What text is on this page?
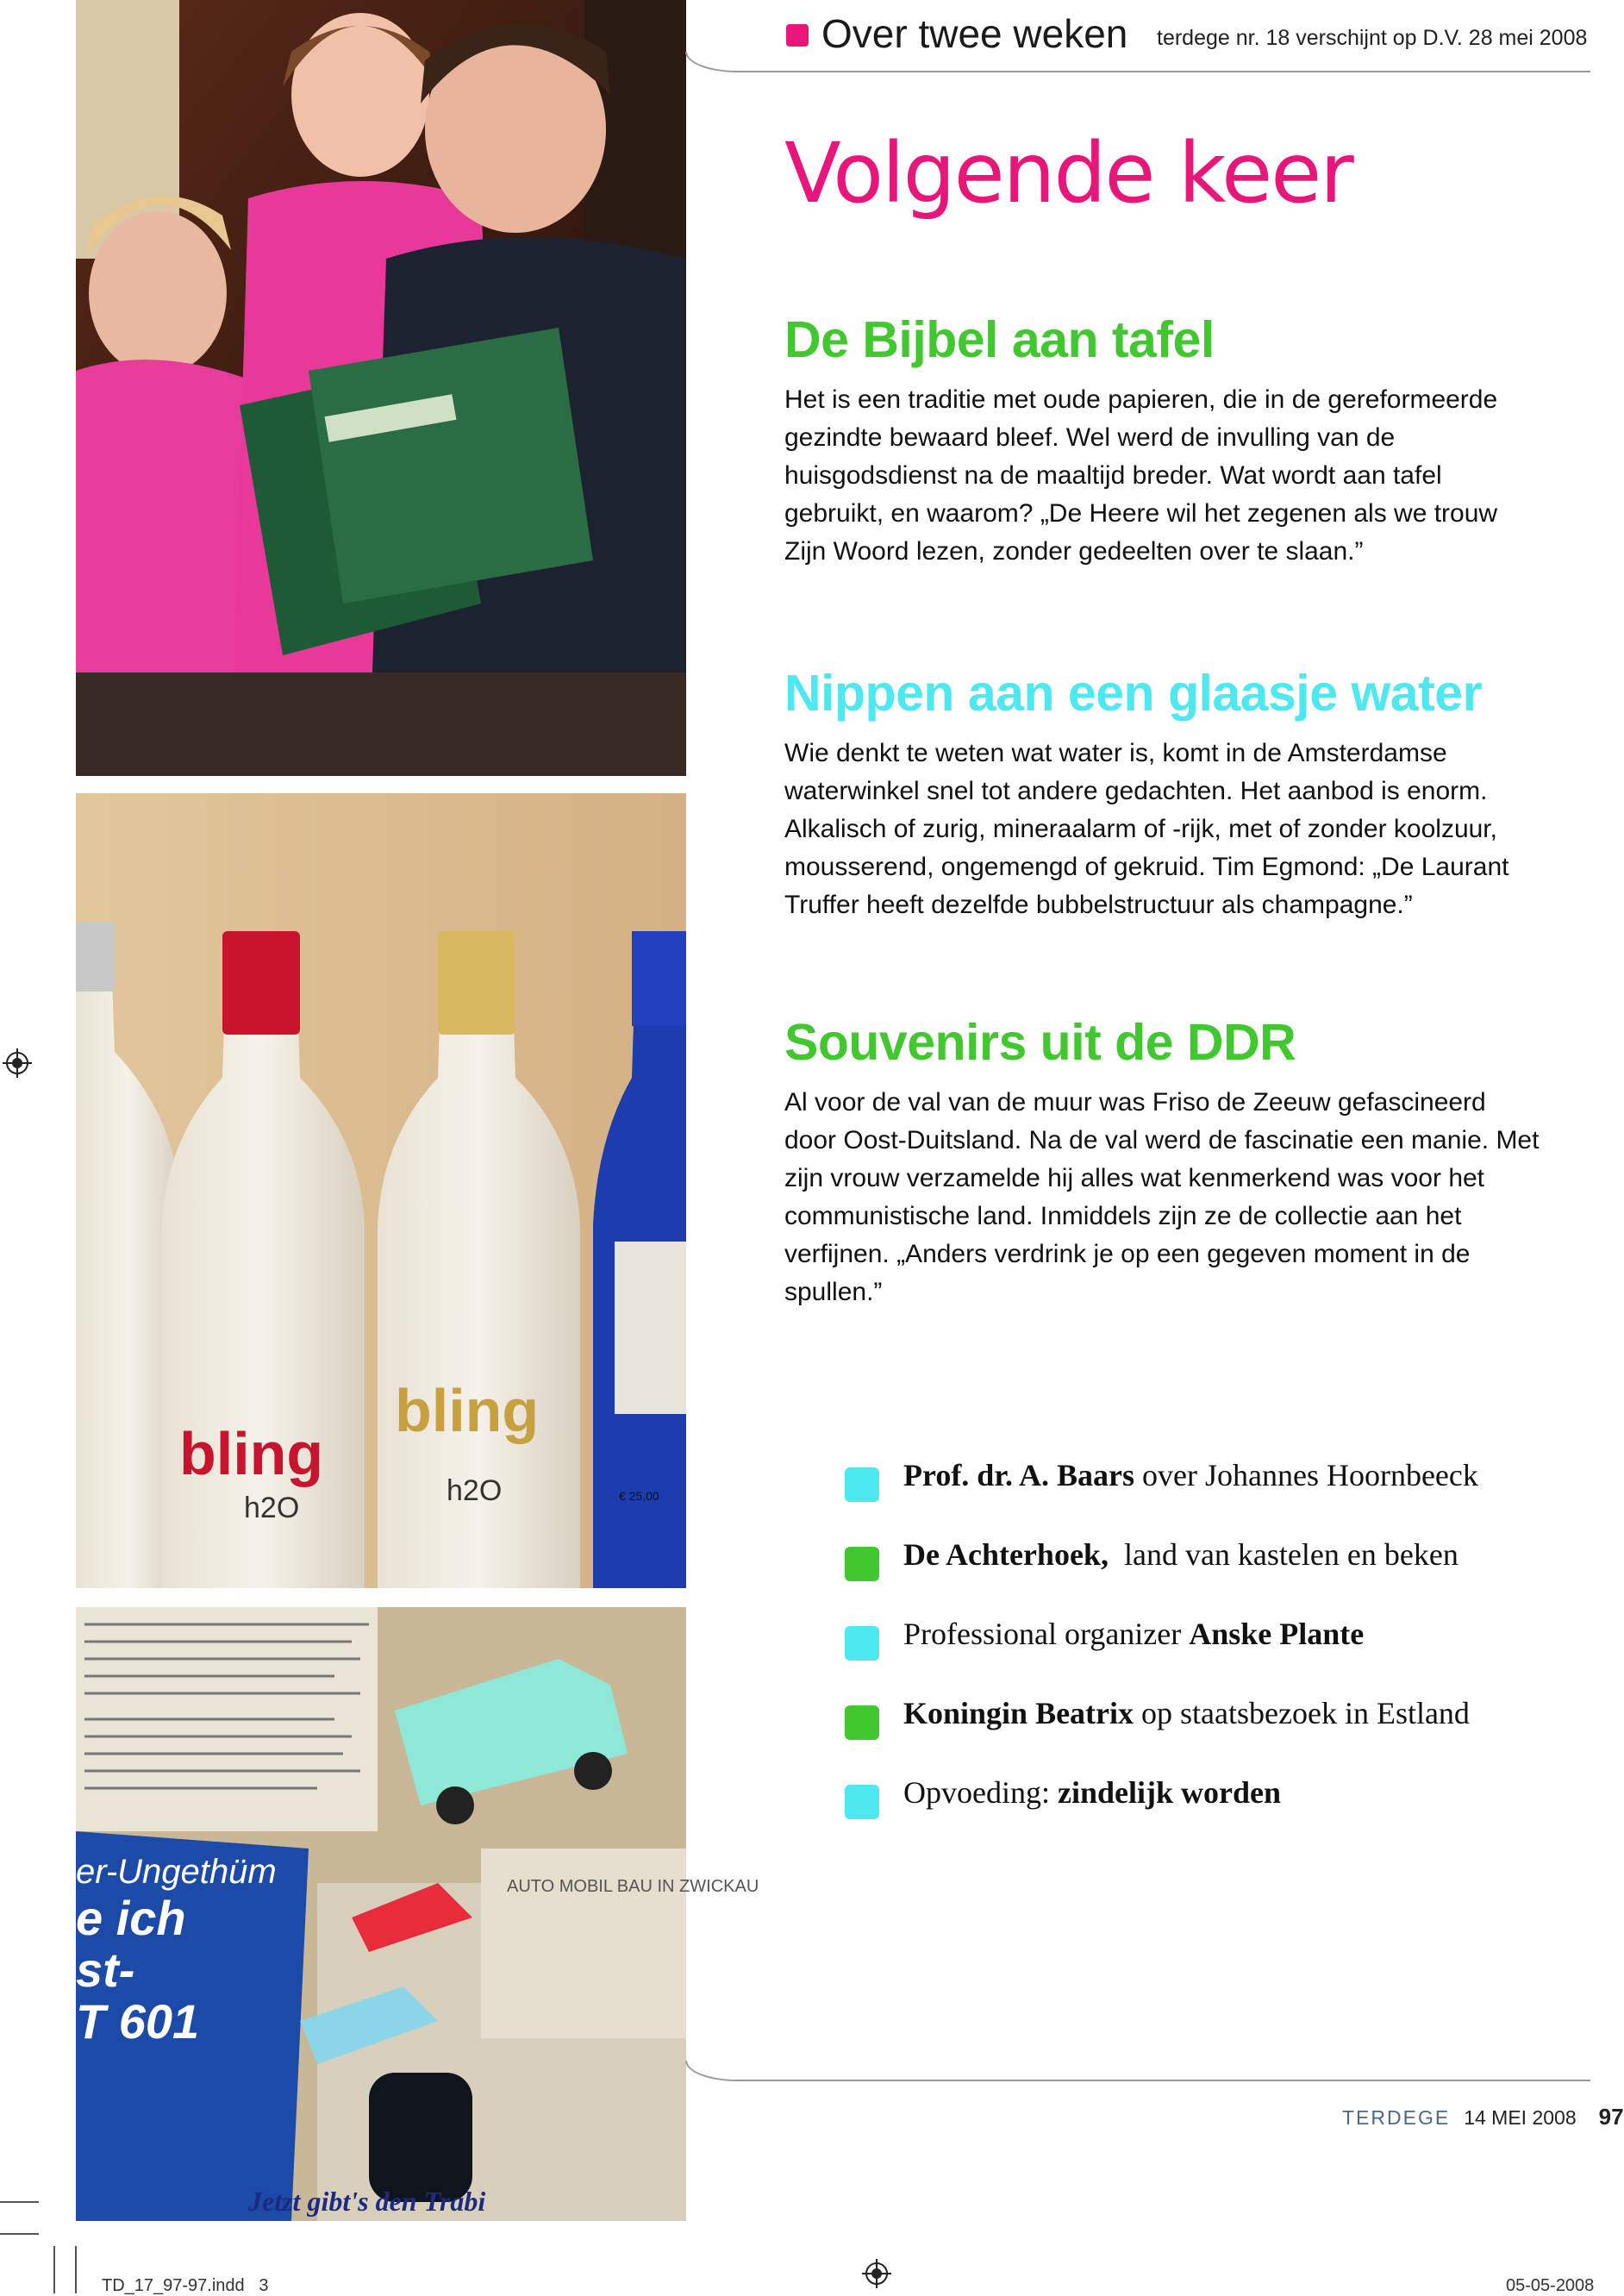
€ 25,00
bling
bling
h2O
h2O
er-Ungethüm
e ich
st-
T 601
AUTO MOBIL BAU IN ZWICKAU
Jetzt gibt's den Trabi
Over twee weken terdege nr. 18 verschijnt op D.V. 28 mei 2008
Volgende keer
De Bijbel aan tafel

Het is een traditie met oude papieren, die in de gereformeerde gezindte bewaard bleef. Wel werd de invulling van de huisgodsdienst na de maaltijd breder. Wat wordt aan tafel gebruikt, en waarom? „De Heere wil het zegenen als we trouw Zijn Woord lezen, zonder gedeelten over te slaan.”

Nippen aan een glaasje water

Wie denkt te weten wat water is, komt in de Amsterdamse waterwinkel snel tot andere gedachten. Het aanbod is enorm. Alkalisch of zurig, mineraalarm of -rijk, met of zonder koolzuur, mousserend, ongemengd of gekruid. Tim Egmond: „De Laurant Truffer heeft dezelfde bubbelstructuur als champagne.”

Souvenirs uit de DDR

Al voor de val van de muur was Friso de Zeeuw gefascineerd door Oost-Duitsland. Na de val werd de fascinatie een manie. Met zijn vrouw verzamelde hij alles wat kenmerkend was voor het communistische land. Inmiddels zijn ze de collectie aan het verfijnen. „Anders verdrink je op een gegeven moment in de spullen.”

Prof. dr. A. Baars over Johannes Hoornbeeck
De Achterhoek,  land van kastelen en beken
Professional organizer Anske Plante
Koningin Beatrix op staatsbezoek in Estland
Opvoeding: zindelijk worden
TERDEGE 14 MEI 2008 97
TD_17_97-97.indd   3	05-05-2008
